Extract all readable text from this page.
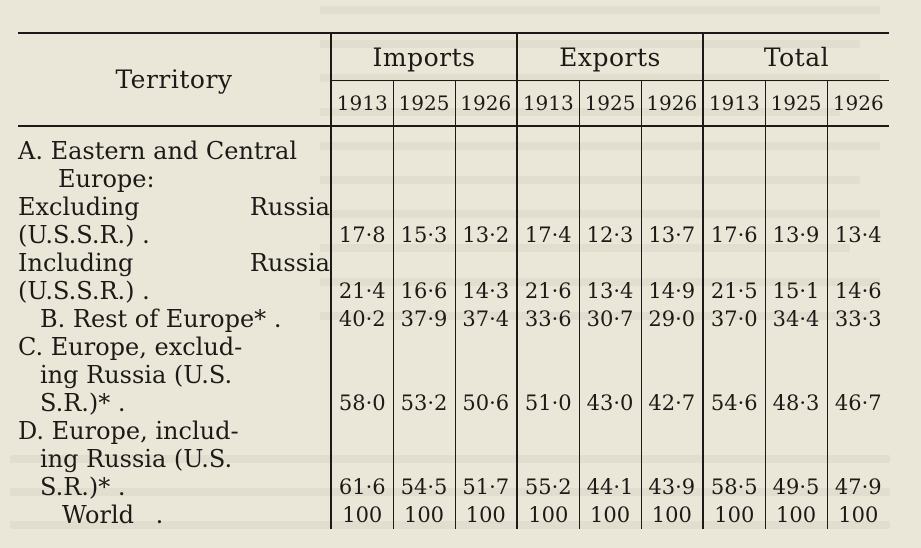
Territory	Imports			Exports			Total		
	1913	1925	1926	1913	1925	1926	1913	1925	1926

A. Eastern and Central
Europe:									

Excluding Russia
(U.S.S.R.) .	17·8	15·3	13·2	17·4	12·3	13·7	17·6	13·9	13·4

Including Russia
(U.S.S.R.) .	21·4	16·6	14·3	21·6	13·4	14·9	21·5	15·1	14·6

B. Rest of Europe* .	40·2	37·9	37·4	33·6	30·7	29·0	37·0	34·4	33·3

C. Europe, exclud-
ing Russia (U.S.
S.R.)* .	58·0	53·2	50·6	51·0	43·0	42·7	54·6	48·3	46·7

D. Europe, includ-
ing Russia (U.S.
S.R.)* .	61·6	54·5	51·7	55·2	44·1	43·9	58·5	49·5	47·9

World .	100	100	100	100	100	100	100	100	100
